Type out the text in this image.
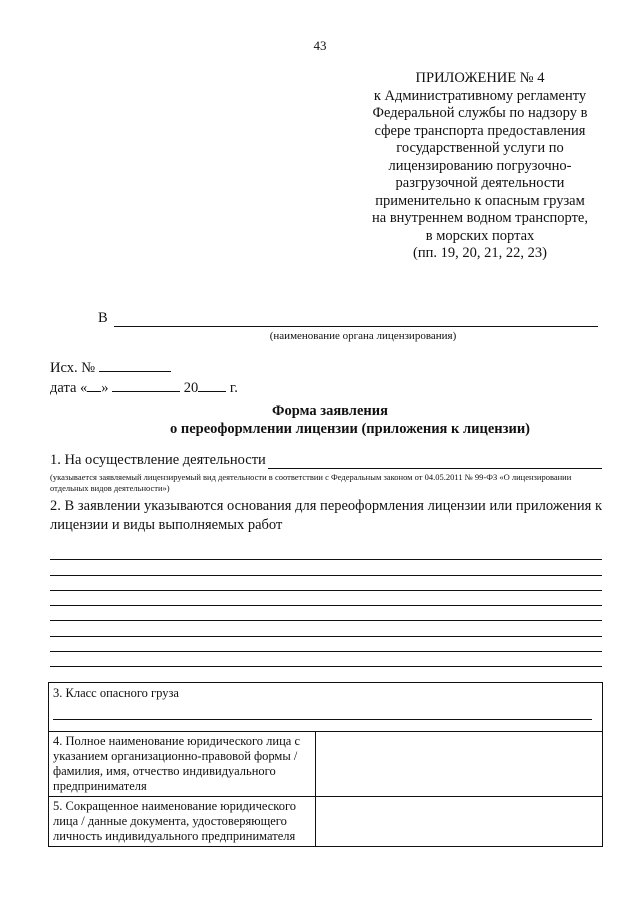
43
ПРИЛОЖЕНИЕ № 4
к Административному регламенту
Федеральной службы по надзору в
сфере транспорта предоставления
государственной услуги по
лицензированию погрузочно-
разгрузочной деятельности
применительно к опасным грузам
на внутреннем водном транспорте,
в морских портах
(пп. 19, 20, 21, 22, 23)
В
(наименование органа лицензирования)
Исх. №
дата « »	20 г.
Форма заявления
о переоформлении лицензии (приложения к лицензии)
1. На осуществление деятельности
(указывается заявляемый лицензируемый вид деятельности в соответствии с Федеральным законом от 04.05.2011 № 99-ФЗ «О лицензировании отдельных видов деятельности»)
2. В заявлении указываются основания для переоформления лицензии или приложения к лицензии и виды выполняемых работ
3. Класс опасного груза	

4. Полное наименование юридического лица с указанием организационно-правовой формы / фамилия, имя, отчество индивидуального предпринимателя	
5. Сокращенное наименование юридического лица / данные документа, удостоверяющего личность индивидуального предпринимателя	
